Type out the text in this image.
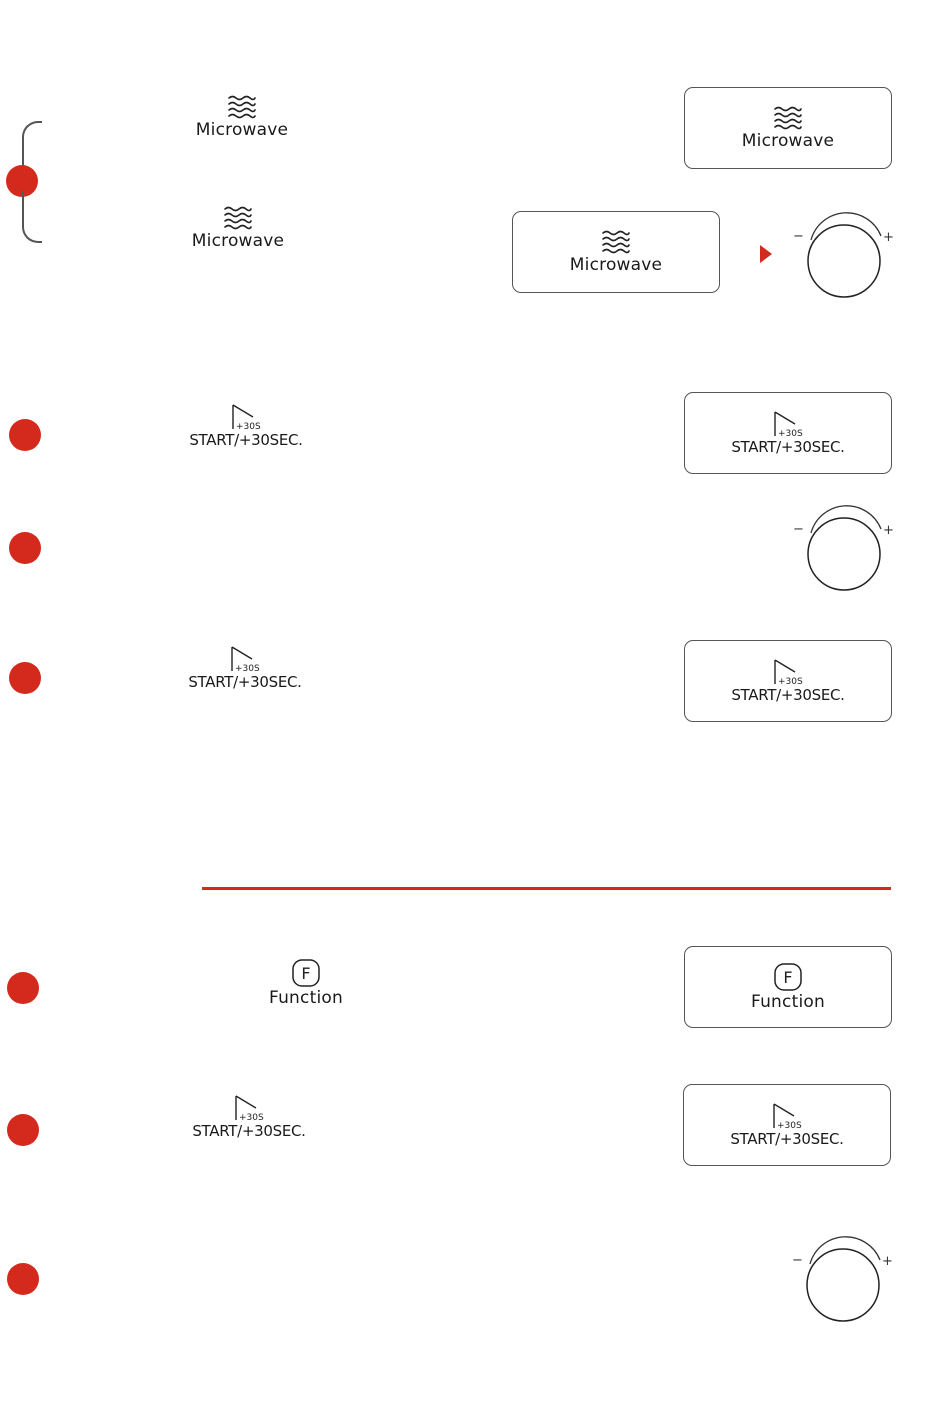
Microwave
Microwave
Microwave
Microwave
−	+
+30S
START/+30SEC.	+30S
START/+30SEC.
−	+
+30S
START/+30SEC.	+30S
START/+30SEC.
F
Function
F
Function
+30S
START/+30SEC.	+30S
START/+30SEC.
−	+
